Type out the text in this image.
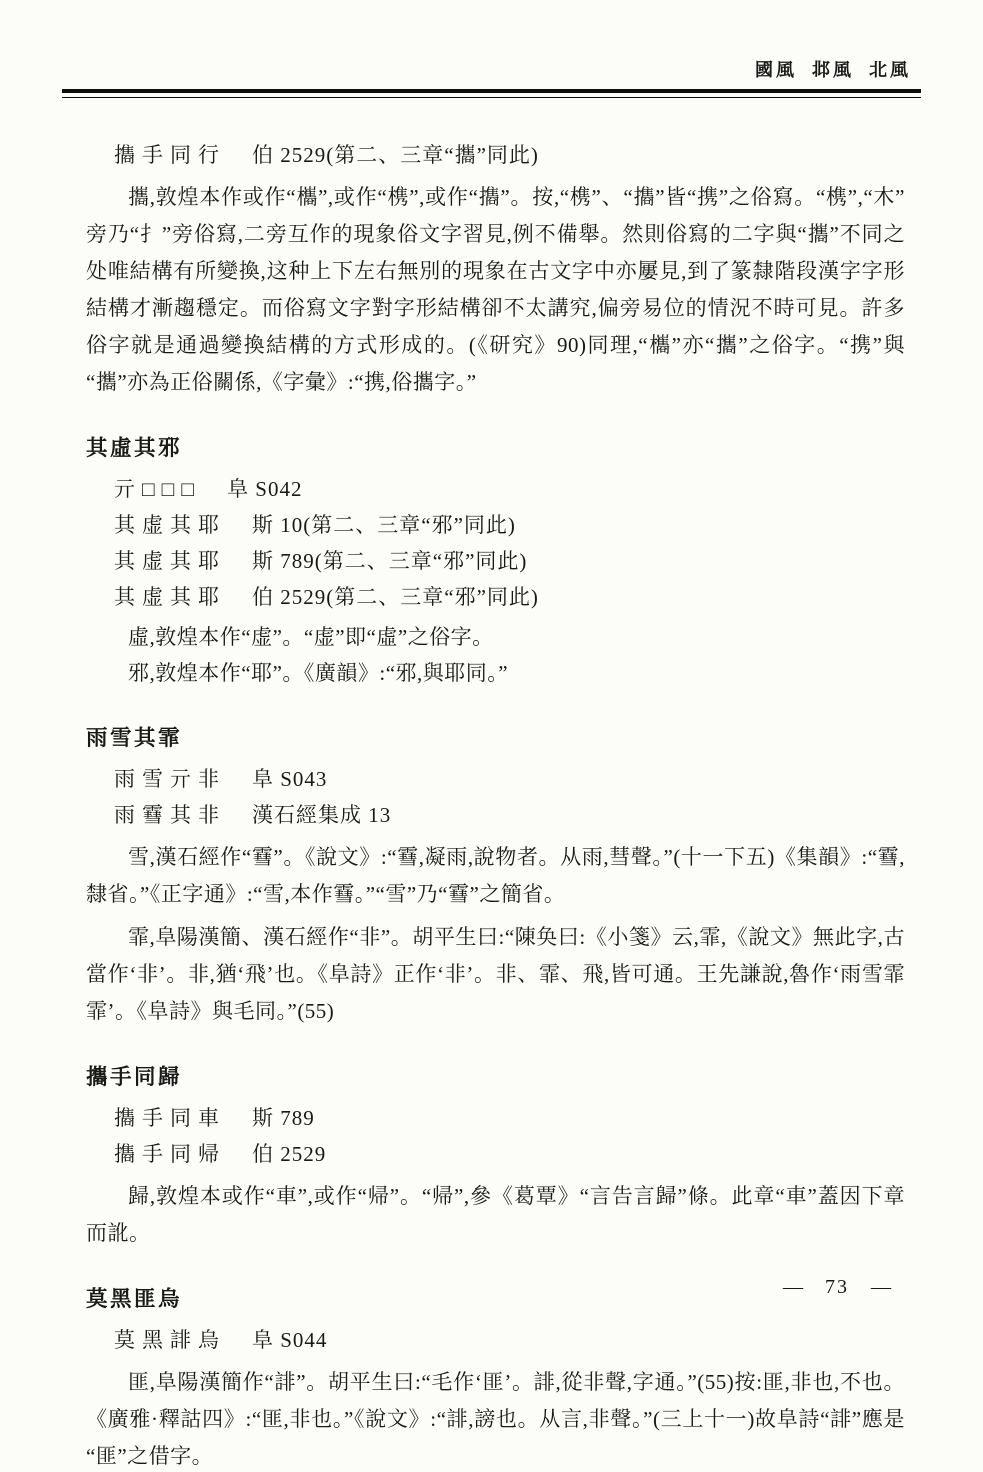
國風  邶風  北風
㩦手同行 伯 2529(第二、三章“攜”同此)

攜,敦煌本作或作“欈”,或作“槜”,或作“㩦”。按,“槜”、“㩦”皆“携”之俗寫。“槜”,“木”旁乃“扌”旁俗寫,二旁互作的現象俗文字習見,例不備舉。然則俗寫的二字與“攜”不同之处唯結構有所變換,这种上下左右無別的現象在古文字中亦屢見,到了篆隸階段漢字字形結構才漸趨穩定。而俗寫文字對字形結構卻不太講究,偏旁易位的情況不時可見。許多俗字就是通過變換結構的方式形成的。(《研究》90)同理,“欈”亦“攜”之俗字。“携”與“攜”亦為正俗關係,《字彙》:“携,俗攜字。”

其虛其邪
亓□□□ 阜 S042
其虚其耶 斯 10(第二、三章“邪”同此)
其虚其耶 斯 789(第二、三章“邪”同此)
其虚其耶 伯 2529(第二、三章“邪”同此)
虛,敦煌本作“虚”。“虚”即“虛”之俗字。
邪,敦煌本作“耶”。《廣韻》:“邪,與耶同。”
雨雪其霏
雨雪亓非 阜 S043
雨䨮其非 漢石經集成 13

雪,漢石經作“䨮”。《說文》:“䨮,凝雨,說物者。从雨,彗聲。”(十一下五)《集韻》:“䨮,隸省。”《正字通》:“雪,本作䨮。”“雪”乃“䨮”之簡省。

霏,阜陽漢簡、漢石經作“非”。胡平生曰:“陳奂曰:《小箋》云,霏,《說文》無此字,古當作‘非’。非,猶‘飛’也。《阜詩》正作‘非’。非、霏、飛,皆可通。王先謙說,魯作‘雨雪霏霏’。《阜詩》與毛同。”(55)

攜手同歸
㩦手同車 斯 789
㩦手同帰 伯 2529

歸,敦煌本或作“車”,或作“帰”。“帰”,參《葛覃》“言告言歸”條。此章“車”蓋因下章而訛。

莫黑匪烏
莫黑誹烏 阜 S044

匪,阜陽漢簡作“誹”。胡平生曰:“毛作‘匪’。誹,從非聲,字通。”(55)按:匪,非也,不也。《廣雅·釋詁四》:“匪,非也。”《說文》:“誹,謗也。从言,非聲。”(三上十一)故阜詩“誹”應是“匪”之借字。

— 73 —
